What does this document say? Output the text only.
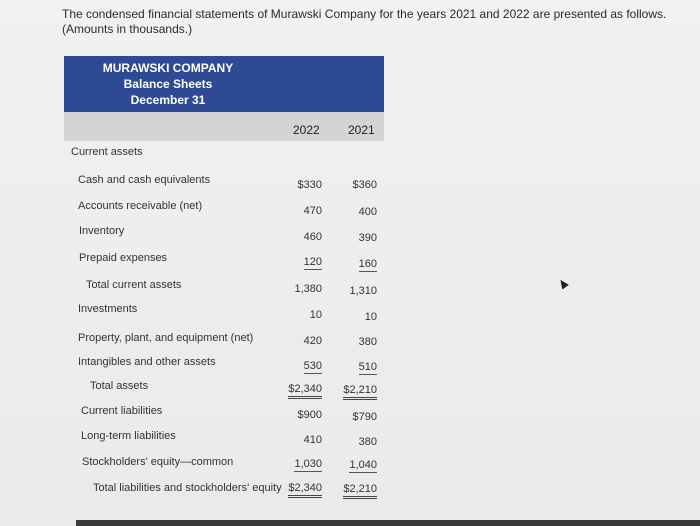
The condensed financial statements of Murawski Company for the years 2021 and 2022 are presented as follows. (Amounts in thousands.)
MURAWSKI COMPANY
Balance Sheets
December 31
2022 2021
Current assets
Cash and cash equivalents
Accounts receivable (net)
Inventory
Prepaid expenses
Total current assets
Investments
Property, plant, and equipment (net)
Intangibles and other assets
Total assets
Current liabilities
Long-term liabilities
Stockholders' equity—common
Total liabilities and stockholders' equity
$330
470
460
120
1,380
10
420
530
$2,340
$900
410
1,030
$2,340
$360
400
390
160
1,310
10
380
510
$2,210
$790
380
1,040
$2,210
